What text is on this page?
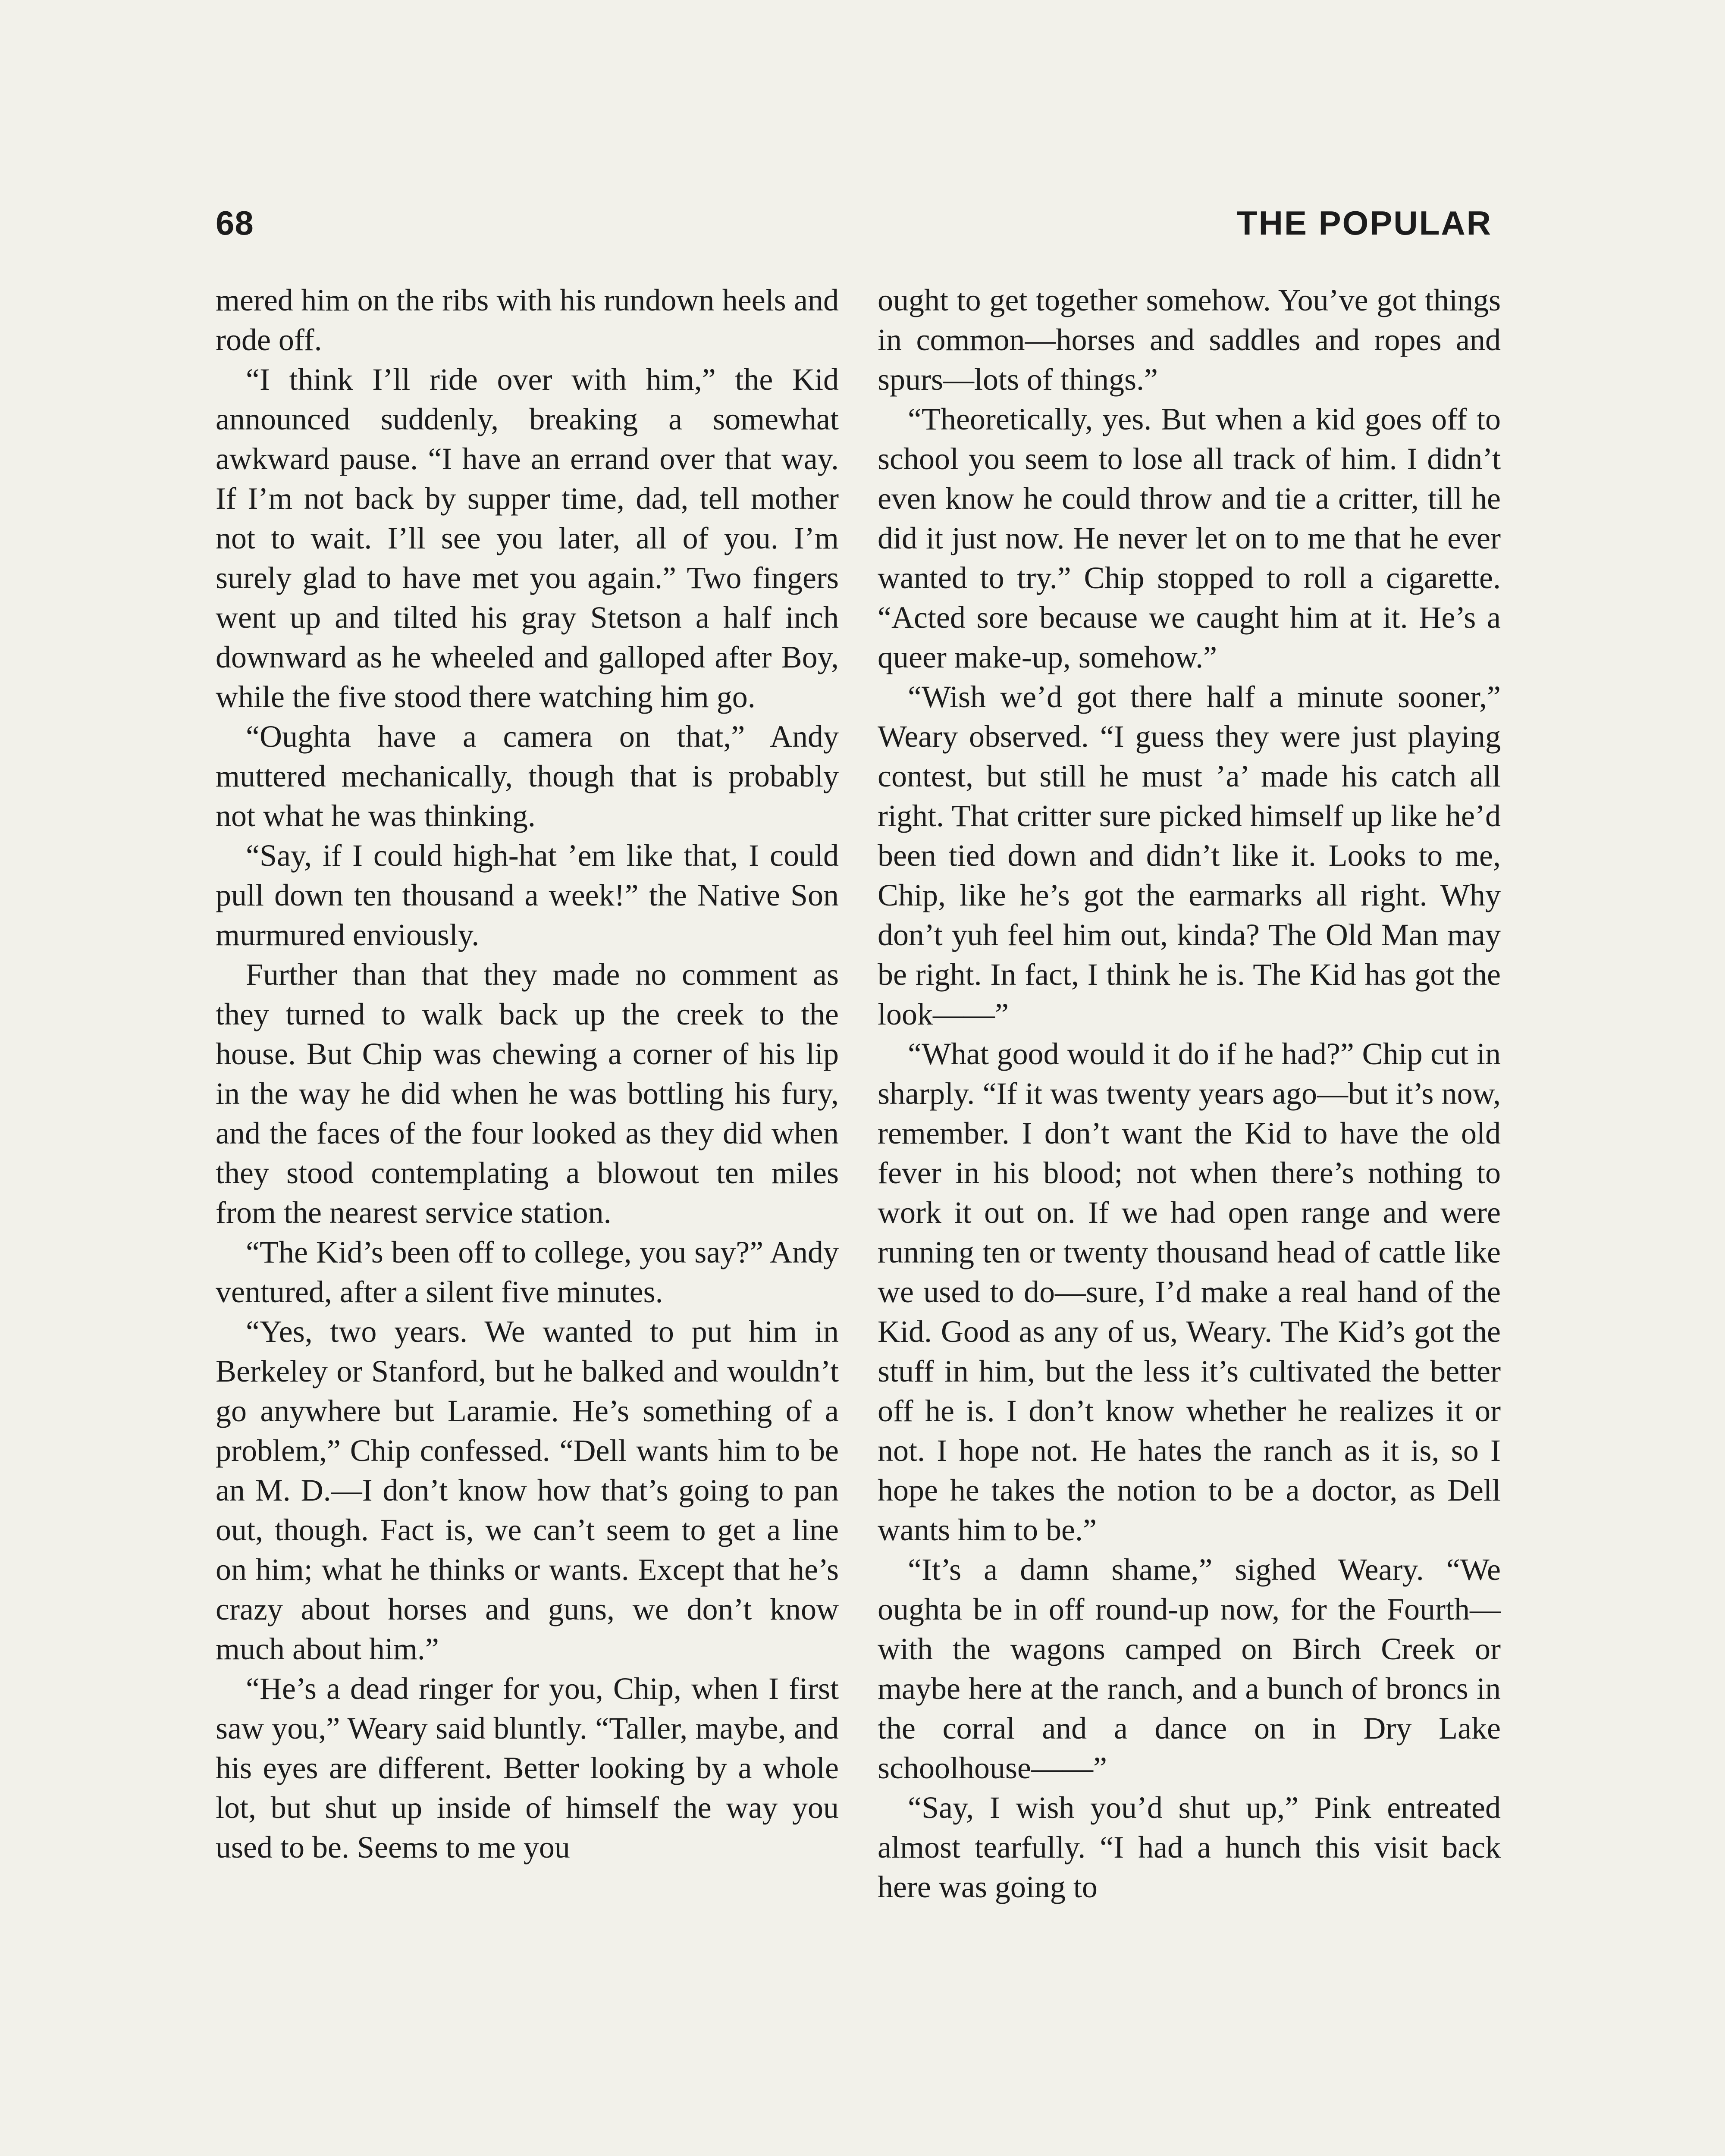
68	THE POPULAR

mered him on the ribs with his rundown heels and rode off.

“I think I’ll ride over with him,” the Kid announced suddenly, breaking a somewhat awkward pause. “I have an errand over that way. If I’m not back by supper time, dad, tell mother not to wait. I’ll see you later, all of you. I’m surely glad to have met you again.” Two fingers went up and tilted his gray Stetson a half inch downward as he wheeled and galloped after Boy, while the five stood there watching him go.

“Oughta have a camera on that,” Andy muttered mechanically, though that is probably not what he was thinking.

“Say, if I could high-hat ’em like that, I could pull down ten thousand a week!” the Native Son murmured enviously.

Further than that they made no comment as they turned to walk back up the creek to the house. But Chip was chewing a corner of his lip in the way he did when he was bottling his fury, and the faces of the four looked as they did when they stood contemplating a blowout ten miles from the nearest service station.

“The Kid’s been off to college, you say?” Andy ventured, after a silent five minutes.

“Yes, two years. We wanted to put him in Berkeley or Stanford, but he balked and wouldn’t go anywhere but Laramie. He’s something of a problem,” Chip confessed. “Dell wants him to be an M. D.—I don’t know how that’s going to pan out, though. Fact is, we can’t seem to get a line on him; what he thinks or wants. Except that he’s crazy about horses and guns, we don’t know much about him.”

“He’s a dead ringer for you, Chip, when I first saw you,” Weary said bluntly. “Taller, maybe, and his eyes are different. Better looking by a whole lot, but shut up inside of himself the way you used to be. Seems to me you

ought to get together somehow. You’ve got things in common—horses and saddles and ropes and spurs—lots of things.”

“Theoretically, yes. But when a kid goes off to school you seem to lose all track of him. I didn’t even know he could throw and tie a critter, till he did it just now. He never let on to me that he ever wanted to try.” Chip stopped to roll a cigarette. “Acted sore because we caught him at it. He’s a queer make-up, somehow.”

“Wish we’d got there half a minute sooner,” Weary observed. “I guess they were just playing contest, but still he must ’a’ made his catch all right. That critter sure picked himself up like he’d been tied down and didn’t like it. Looks to me, Chip, like he’s got the earmarks all right. Why don’t yuh feel him out, kinda? The Old Man may be right. In fact, I think he is. The Kid has got the look——”

“What good would it do if he had?” Chip cut in sharply. “If it was twenty years ago—but it’s now, remember. I don’t want the Kid to have the old fever in his blood; not when there’s nothing to work it out on. If we had open range and were running ten or twenty thousand head of cattle like we used to do—sure, I’d make a real hand of the Kid. Good as any of us, Weary. The Kid’s got the stuff in him, but the less it’s cultivated the better off he is. I don’t know whether he realizes it or not. I hope not. He hates the ranch as it is, so I hope he takes the notion to be a doctor, as Dell wants him to be.”

“It’s a damn shame,” sighed Weary. “We oughta be in off round-up now, for the Fourth—with the wagons camped on Birch Creek or maybe here at the ranch, and a bunch of broncs in the corral and a dance on in Dry Lake schoolhouse——”

“Say, I wish you’d shut up,” Pink entreated almost tearfully. “I had a hunch this visit back here was going to
